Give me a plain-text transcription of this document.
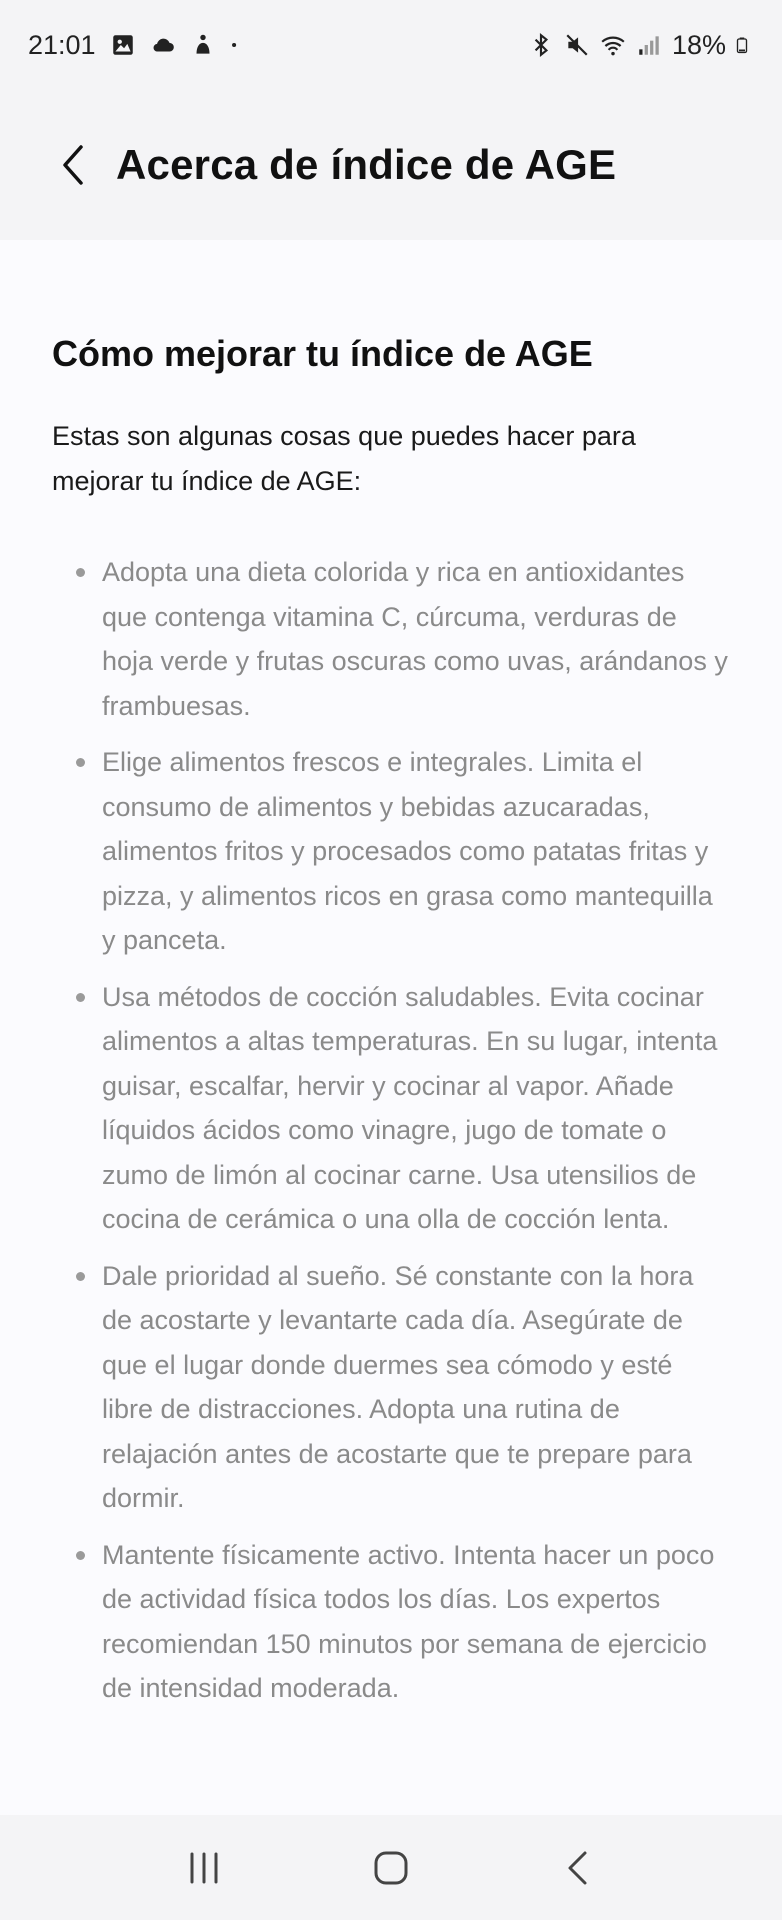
21:01	18%
Acerca de índice de AGE
Cómo mejorar tu índice de AGE

Estas son algunas cosas que puedes hacer para mejorar tu índice de AGE:

Adopta una dieta colorida y rica en antioxidantes que contenga vitamina C, cúrcuma, verduras de hoja verde y frutas oscuras como uvas, arándanos y frambuesas.
Elige alimentos frescos e integrales. Limita el consumo de alimentos y bebidas azucaradas, alimentos fritos y procesados como patatas fritas y pizza, y alimentos ricos en grasa como mantequilla y panceta.
Usa métodos de cocción saludables. Evita cocinar alimentos a altas temperaturas. En su lugar, intenta guisar, escalfar, hervir y cocinar al vapor. Añade líquidos ácidos como vinagre, jugo de tomate o zumo de limón al cocinar carne. Usa utensilios de cocina de cerámica o una olla de cocción lenta.
Dale prioridad al sueño. Sé constante con la hora de acostarte y levantarte cada día. Asegúrate de que el lugar donde duermes sea cómodo y esté libre de distracciones. Adopta una rutina de relajación antes de acostarte que te prepare para dormir.
Mantente físicamente activo. Intenta hacer un poco de actividad física todos los días. Los expertos recomiendan 150 minutos por semana de ejercicio de intensidad moderada.
